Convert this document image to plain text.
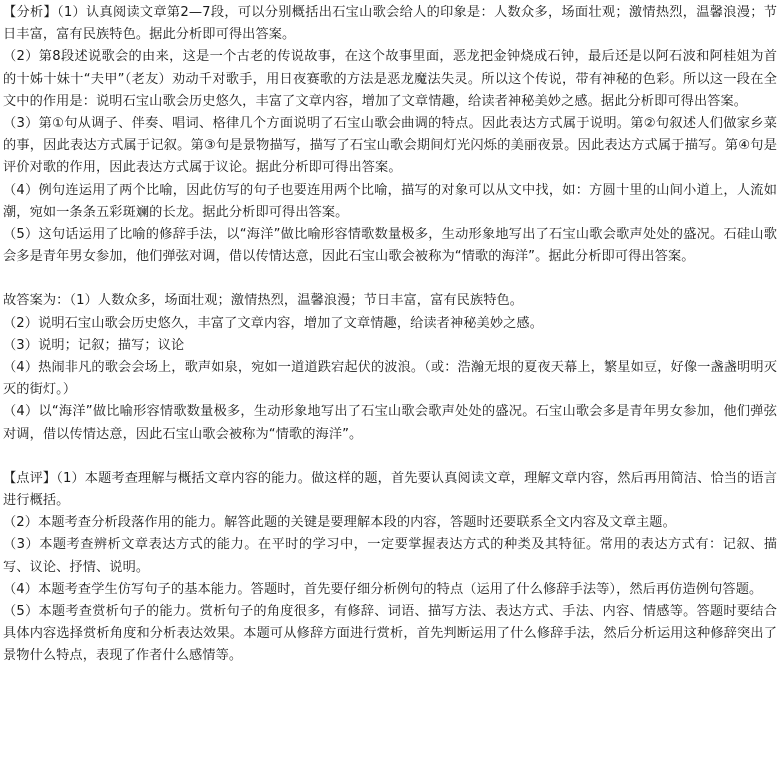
【分析】（1）认真阅读文章第2—7段，可以分别概括出石宝山歌会给人的印象是：人数众多，场面壮观；激情热烈，温馨浪漫；节日丰富，富有民族特色。据此分析即可得出答案。

（2）第8段述说歌会的由来，这是一个古老的传说故事，在这个故事里面，恶龙把金钟烧成石钟，最后还是以阿石波和阿桂姐为首的十姊十妹十“夫甲”（老友）劝动千对歌手，用日夜赛歌的方法是恶龙魔法失灵。所以这个传说，带有神秘的色彩。所以这一段在全文中的作用是：说明石宝山歌会历史悠久，丰富了文章内容，增加了文章情趣，给读者神秘美妙之感。据此分析即可得出答案。

（3）第①句从调子、伴奏、唱词、格律几个方面说明了石宝山歌会曲调的特点。因此表达方式属于说明。第②句叙述人们做家乡菜的事，因此表达方式属于记叙。第③句是景物描写，描写了石宝山歌会期间灯光闪烁的美丽夜景。因此表达方式属于描写。第④句是评价对歌的作用，因此表达方式属于议论。据此分析即可得出答案。

（4）例句连运用了两个比喻，因此仿写的句子也要连用两个比喻，描写的对象可以从文中找，如：方圆十里的山间小道上，人流如潮，宛如一条条五彩斑斓的长龙。据此分析即可得出答案。

（5）这句话运用了比喻的修辞手法，以“海洋”做比喻形容情歌数量极多，生动形象地写出了石宝山歌会歌声处处的盛况。石硅山歌会多是青年男女参加，他们弹弦对调，借以传情达意，因此石宝山歌会被称为“情歌的海洋”。据此分析即可得出答案。

故答案为：（1）人数众多，场面壮观；激情热烈，温馨浪漫；节日丰富，富有民族特色。

（2）说明石宝山歌会历史悠久，丰富了文章内容，增加了文章情趣，给读者神秘美妙之感。

（3）说明；记叙；描写；议论

（4）热闹非凡的歌会会场上，歌声如泉，宛如一道道跌宕起伏的波浪。（或：浩瀚无垠的夏夜天幕上，繁星如豆，好像一盏盏明明灭灭的街灯。）

（4）以“海洋”做比喻形容情歌数量极多，生动形象地写出了石宝山歌会歌声处处的盛况。石宝山歌会多是青年男女参加，他们弹弦对调，借以传情达意，因此石宝山歌会被称为“情歌的海洋”。

【点评】（1）本题考查理解与概括文章内容的能力。做这样的题，首先要认真阅读文章，理解文章内容，然后再用简洁、恰当的语言进行概括。

（2）本题考查分析段落作用的能力。解答此题的关键是要理解本段的内容，答题时还要联系全文内容及文章主题。

（3）本题考查辨析文章表达方式的能力。在平时的学习中，一定要掌握表达方式的种类及其特征。常用的表达方式有：记叙、描写、议论、抒情、说明。

（4）本题考查学生仿写句子的基本能力。答题时，首先要仔细分析例句的特点（运用了什么修辞手法等），然后再仿造例句答题。

（5）本题考查赏析句子的能力。赏析句子的角度很多，有修辞、词语、描写方法、表达方式、手法、内容、情感等。答题时要结合具体内容选择赏析角度和分析表达效果。本题可从修辞方面进行赏析，首先判断运用了什么修辞手法，然后分析运用这种修辞突出了景物什么特点，表现了作者什么感情等。
